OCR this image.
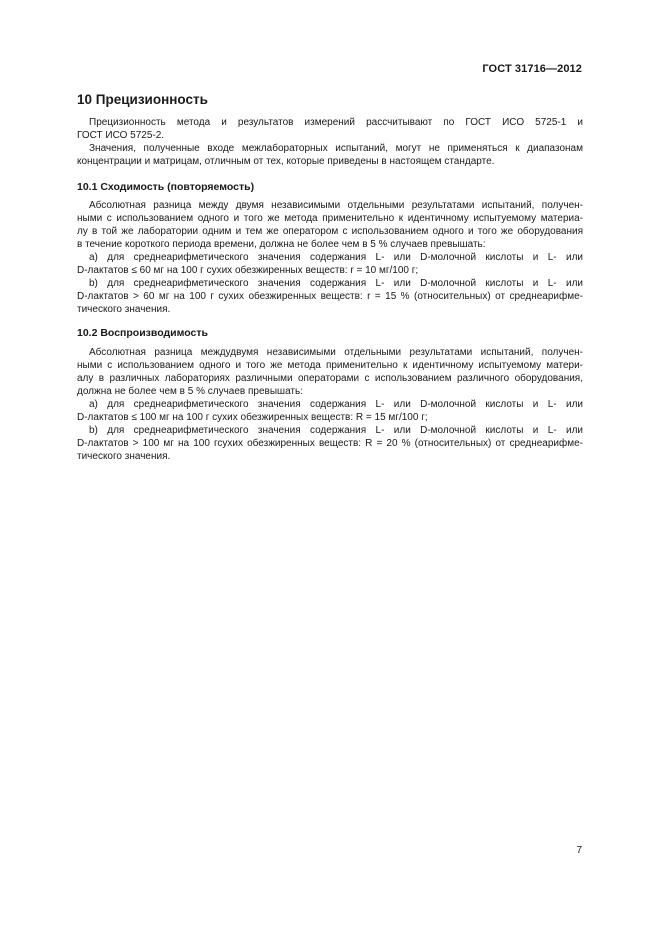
ГОСТ 31716—2012
10 Прецизионность
Прецизионность метода и результатов измерений рассчитывают по ГОСТ ИСО 5725-1 и
ГОСТ ИСО 5725-2.
Значения, полученные входе межлабораторных испытаний, могут не применяться к диапазонам
концентрации и матрицам, отличным от тех, которые приведены в настоящем стандарте.
10.1 Сходимость (повторяемость)
Абсолютная разница между двумя независимыми отдельными результатами испытаний, получен-
ными с использованием одного и того же метода применительно к идентичному испытуемому материа-
лу в той же лаборатории одним и тем же оператором с использованием одного и того же оборудования
в течение короткого периода времени, должна не более чем в 5 % случаев превышать:
а) для среднеарифметического значения содержания L- или D-молочной кислоты и L- или
D-лактатов ≤ 60 мг на 100 г сухих обезжиренных веществ: r = 10 мг/100 г;
b) для среднеарифметического значения содержания L- или D-молочной кислоты и L- или
D-лактатов > 60 мг на 100 г сухих обезжиренных веществ: r = 15 % (относительных) от среднеарифме-
тического значения.
10.2 Воспроизводимость
Абсолютная разница междудвумя независимыми отдельными результатами испытаний, получен-
ными с использованием одного и того же метода применительно к идентичному испытуемому матери-
алу в различных лабораториях различными операторами с использованием различного оборудования,
должна не более чем в 5 % случаев превышать:
а) для среднеарифметического значения содержания L- или D-молочной кислоты и L- или
D-лактатов ≤ 100 мг на 100 г сухих обезжиренных веществ: R = 15 мг/100 г;
b) для среднеарифметического значения содержания L- или D-молочной кислоты и L- или
D-лактатов > 100 мг на 100 гсухих обезжиренных веществ: R = 20 % (относительных) от среднеарифме-
тического значения.
7
